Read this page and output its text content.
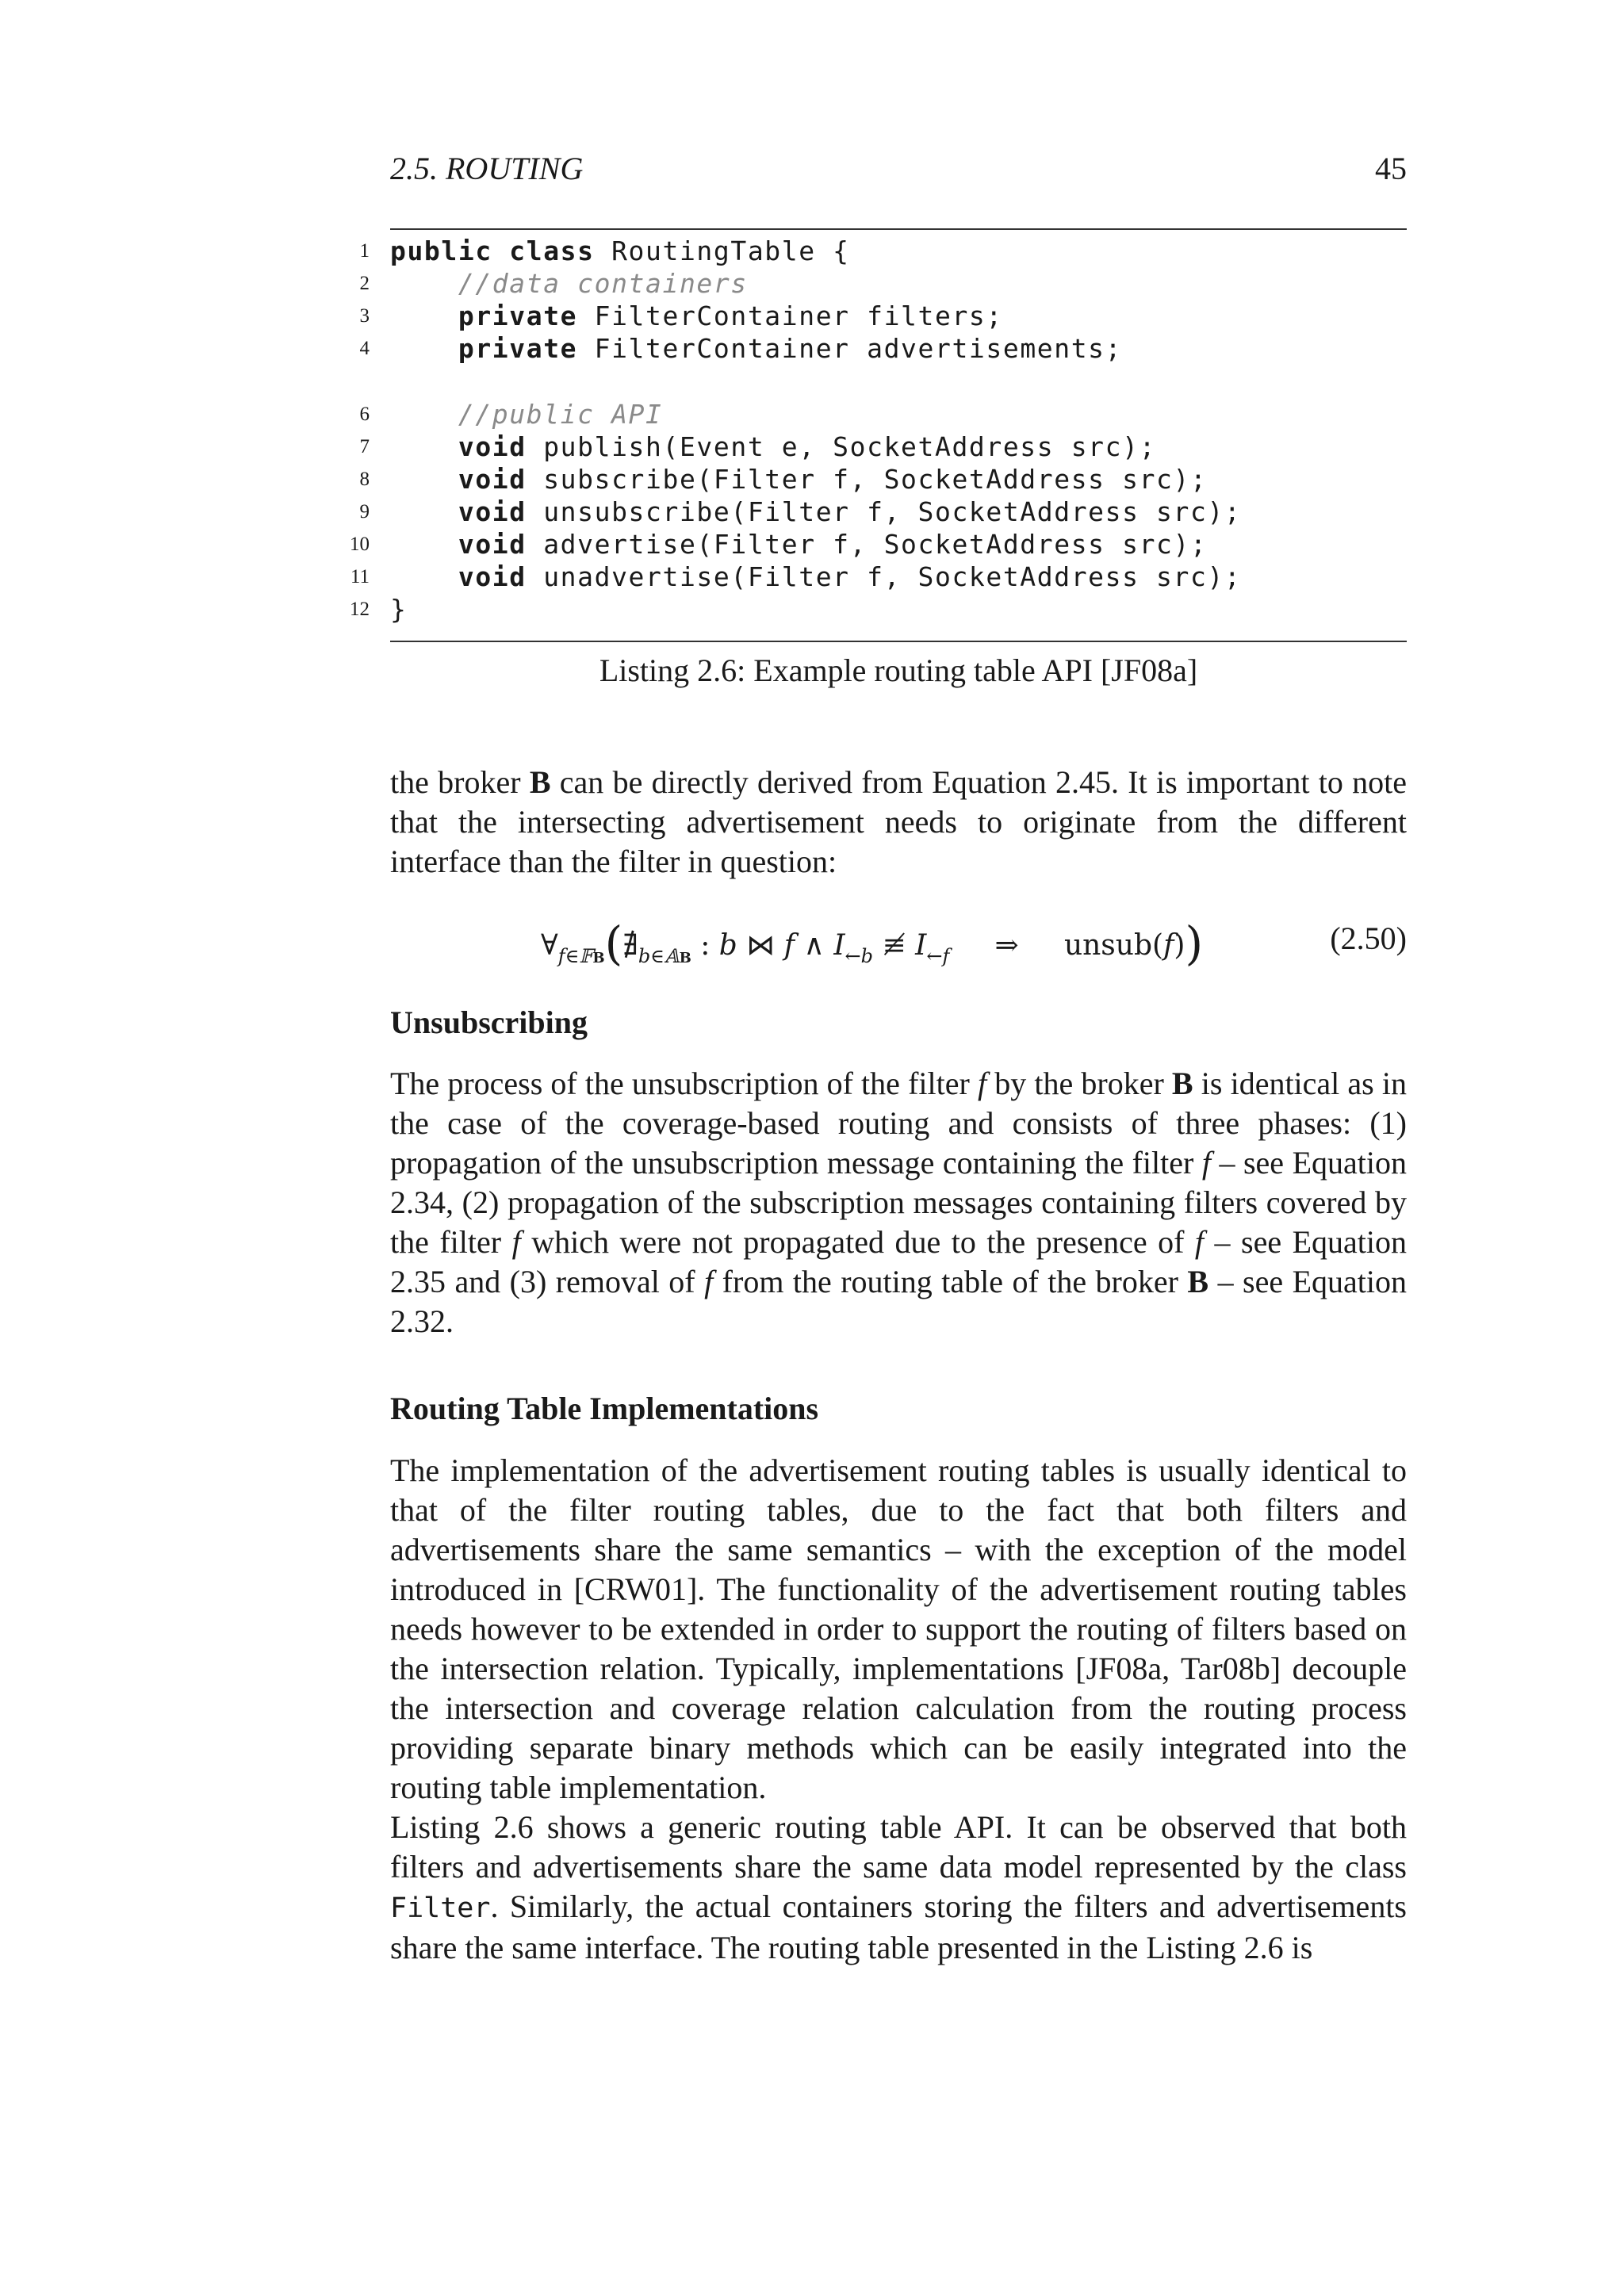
2.5. ROUTING	45
1 public class RoutingTable {
2	//data containers
3	private FilterContainer filters;
4	private FilterContainer advertisements;
6	//public API
7	void publish(Event e, SocketAddress src);
8	void subscribe(Filter f, SocketAddress src);
9	void unsubscribe(Filter f, SocketAddress src);
10	void advertise(Filter f, SocketAddress src);
11	void unadvertise(Filter f, SocketAddress src);
12 }
Listing 2.6: Example routing table API [JF08a]

the broker B can be directly derived from Equation 2.45. It is important to note that the intersecting advertisement needs to originate from the different interface than the filter in question:

$\forall_{f\in 𝔽B}(∄_{b\in 𝔸B}$ : b ⋈ f ∧ $I_{\leftarrow b}$ ≢ $I_{\leftarrow f}$     ⇒     unsub(f))	(2.50)
Unsubscribing

The process of the unsubscription of the filter f by the broker B is identical as in the case of the coverage-based routing and consists of three phases: (1) propagation of the unsubscription message containing the filter f – see Equation 2.34, (2) propagation of the subscription messages containing filters covered by the filter f which were not propagated due to the presence of f – see Equation 2.35 and (3) removal of f from the routing table of the broker B – see Equation 2.32.

Routing Table Implementations

The implementation of the advertisement routing tables is usually identical to that of the filter routing tables, due to the fact that both filters and advertisements share the same semantics – with the exception of the model introduced in [CRW01]. The functionality of the advertisement routing tables needs however to be extended in order to support the routing of filters based on the intersection relation. Typically, implementations [JF08a, Tar08b] decouple the intersection and coverage relation calculation from the routing process providing separate binary methods which can be easily integrated into the routing table implementation.

Listing 2.6 shows a generic routing table API. It can be observed that both filters and advertisements share the same data model represented by the class Filter. Similarly, the actual containers storing the filters and advertisements share the same interface. The routing table presented in the Listing 2.6 is
